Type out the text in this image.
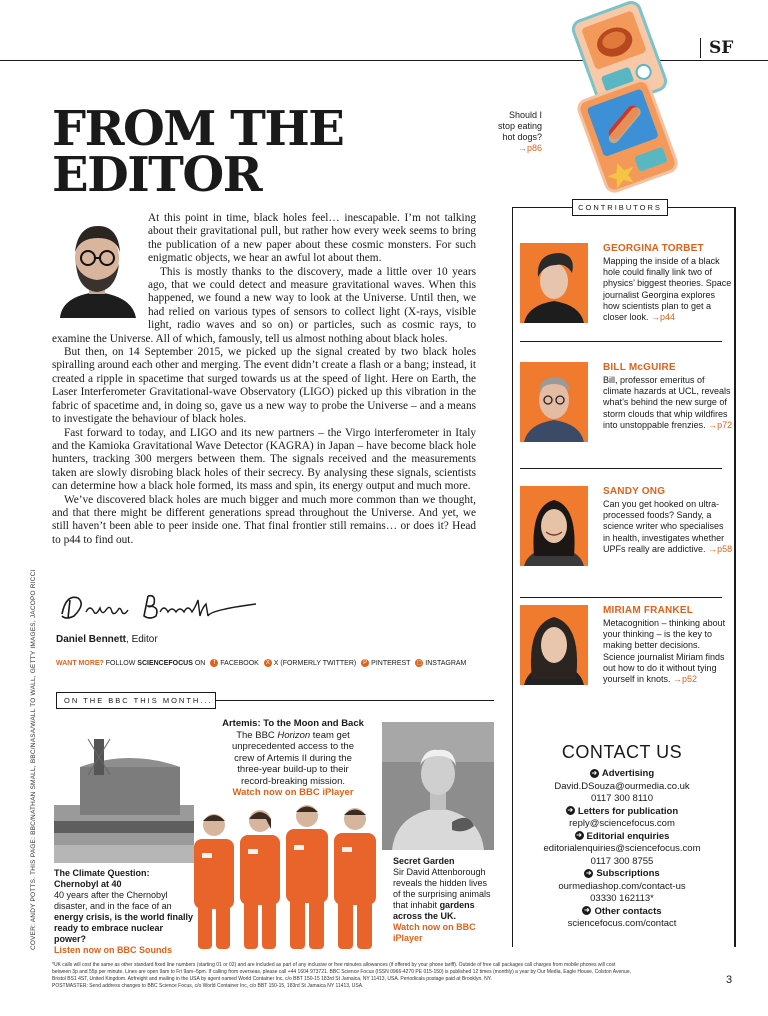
SF
Should I
stop eating
hot dogs?
→p86
FROM THE
EDITOR

At this point in time, black holes feel… inescapable. I’m not talking about their gravitational pull, but rather how every week seems to bring the publication of a new paper about these cosmic monsters. For such enigmatic objects, we hear an awful lot about them.

This is mostly thanks to the discovery, made a little over 10 years ago, that we could detect and measure gravitational waves. When this happened, we found a new way to look at the Universe. Until then, we had relied on various types of sensors to collect light (X-rays, visible light, radio waves and so on) or particles, such as cosmic rays, to examine the Universe. All of which, famously, tell us almost nothing about black holes.

But then, on 14 September 2015, we picked up the signal created by two black holes spiralling around each other and merging. The event didn’t create a flash or a bang; instead, it created a ripple in spacetime that surged towards us at the speed of light. Here on Earth, the Laser Interferometer Gravitational-wave Observatory (LIGO) picked up this vibration in the fabric of spacetime and, in doing so, gave us a new way to probe the Universe – and a means to investigate the behaviour of black holes.

Fast forward to today, and LIGO and its new partners – the Virgo interferometer in Italy and the Kamioka Gravitational Wave Detector (KAGRA) in Japan – have become black hole hunters, tracking 300 mergers between them. The signals received and the measurements taken are slowly disrobing black holes of their secrecy. By analysing these signals, scientists can determine how a black hole formed, its mass and spin, its energy output and much more.

We’ve discovered black holes are much bigger and much more common than we thought, and that there might be different generations spread throughout the Universe. And yet, we still haven’t been able to peer inside one. That final frontier still remains… or does it? Head to p44 to find out.

Daniel Bennett, Editor
WANT MORE? FOLLOW SCIENCEFOCUS ON f FACEBOOK X X (FORMERLY TWITTER) P PINTEREST ◻ INSTAGRAM
ON THE BBC THIS MONTH...
Artemis: To the Moon and Back
The BBC Horizon team get unprecedented access to the crew of Artemis II during the three-year build-up to their record-breaking mission.
Watch now on BBC iPlayer
The Climate Question: Chernobyl at 40
40 years after the Chernobyl disaster, and in the face of an energy crisis, is the world finally ready to embrace nuclear power?
Listen now on BBC Sounds
Secret Garden
Sir David Attenborough reveals the hidden lives of the surprising animals that inhabit gardens across the UK.
Watch now on BBC iPlayer
COVER: ANDY POTTS. THIS PAGE: BBC/NATHAN SMALL, BBC/NASA/WALL TO WALL, GETTY IMAGES, JACOPO RICCI
CONTRIBUTORS
GEORGINA TORBET
Mapping the inside of a black hole could finally link two of physics’ biggest theories. Space journalist Georgina explores how scientists plan to get a closer look. →p44
BILL McGUIRE
Bill, professor emeritus of climate hazards at UCL, reveals what’s behind the new surge of storm clouds that whip wildfires into unstoppable frenzies. →p72
SANDY ONG
Can you get hooked on ultra-processed foods? Sandy, a science writer who specialises in health, investigates whether UPFs really are addictive. →p58
MIRIAM FRANKEL
Metacognition – thinking about your thinking – is the key to making better decisions. Science journalist Miriam finds out how to do it without tying yourself in knots. →p52
CONTACT US
➔ Advertising
David.DSouza@ourmedia.co.uk
0117 300 8110
➔ Letters for publication
reply@sciencefocus.com
➔ Editorial enquiries
editorialenquiries@sciencefocus.com
0117 300 8755
➔ Subscriptions
ourmediashop.com/contact-us
03330 162113*
➔ Other contacts
sciencefocus.com/contact
*UK calls will cost the same as other standard fixed line numbers (starting 01 or 02) and are included as part of any inclusive or free minutes allowances (if offered by your phone tariff). Outside of free call packages call charges from mobile phones will cost
between 3p and 55p per minute. Lines are open 9am to Fri 9am–5pm. If calling from overseas, please call +44 1604 973721. BBC Science Focus (ISSN 0966-4270 PE 015-150) is published 12 times (monthly) a year by Our Media, Eagle House, Colston Avenue,
Bristol BS1 4ST, United Kingdom. Airfreight and mailing in the USA by agent named World Container Inc, c/o BBT 150-15 183rd St Jamaica, NY 11413, USA. Periodicals postage paid at Brooklyn, NY.
POSTMASTER: Send address changes to BBC Science Focus, c/o World Container Inc, c/o BBT 150-15, 183rd St Jamaica NY 11413, USA.	3
